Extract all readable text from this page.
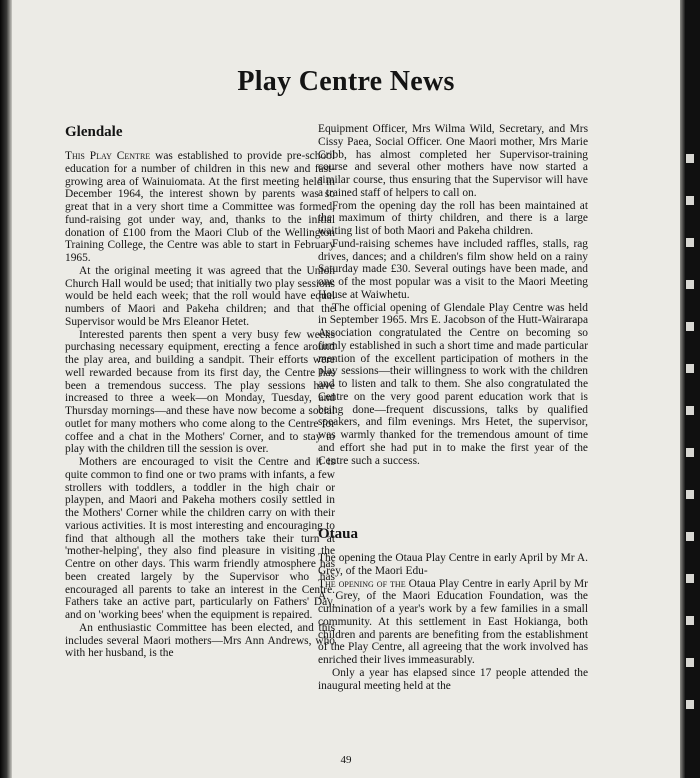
Play Centre News
Glendale

This Play Centre was established to provide pre-school education for a number of children in this new and fast-growing area of Wainuiomata. At the first meeting held in December 1964, the interest shown by parents was so great that in a very short time a Committee was formed, fund-raising got under way, and, thanks to the initial donation of £100 from the Maori Club of the Wellington Training College, the Centre was able to start in February 1965.

At the original meeting it was agreed that the Union Church Hall would be used; that initially two play sessions would be held each week; that the roll would have equal numbers of Maori and Pakeha children; and that the Supervisor would be Mrs Eleanor Hetet.

Interested parents then spent a very busy few weeks purchasing necessary equipment, erecting a fence around the play area, and building a sandpit. Their efforts were well rewarded because from its first day, the Centre has been a tremendous success. The play sessions have increased to three a week—on Monday, Tuesday, and Thursday mornings—and these have now become a social outlet for many mothers who come along to the Centre for coffee and a chat in the Mothers' Corner, and to stay to play with the children till the session is over.

Mothers are encouraged to visit the Centre and it is quite common to find one or two prams with infants, a few strollers with toddlers, a toddler in the high chair or playpen, and Maori and Pakeha mothers cosily settled in the Mothers' Corner while the children carry on with their various activities. It is most interesting and encouraging to find that although all the mothers take their turn at 'mother-helping', they also find pleasure in visiting the Centre on other days. This warm friendly atmosphere has been created largely by the Supervisor who has encouraged all parents to take an interest in the Centre. Fathers take an active part, particularly on Fathers' Day, and on 'working bees' when the equipment is repaired.

An enthusiastic Committee has been elected, and this includes several Maori mothers—Mrs Ann Andrews, who with her husband, is the

Equipment Officer, Mrs Wilma Wild, Secretary, and Mrs Cissy Paea, Social Officer. One Maori mother, Mrs Marie Cribb, has almost completed her Supervisor-training course and several other mothers have now started a similar course, thus ensuring that the Supervisor will have a trained staff of helpers to call on.

From the opening day the roll has been maintained at the maximum of thirty children, and there is a large waiting list of both Maori and Pakeha children.

Fund-raising schemes have included raffles, stalls, rag drives, dances; and a children's film show held on a rainy Saturday made £30. Several outings have been made, and one of the most popular was a visit to the Maori Meeting House at Waiwhetu.

The official opening of Glendale Play Centre was held in September 1965. Mrs E. Jacobson of the Hutt-Wairarapa Association congratulated the Centre on becoming so firmly established in such a short time and made particular mention of the excellent participation of mothers in the play sessions—their willingness to work with the children and to listen and talk to them. She also congratulated the Centre on the very good parent education work that is being done—frequent discussions, talks by qualified speakers, and film evenings. Mrs Hetet, the supervisor, was warmly thanked for the tremendous amount of time and effort she had put in to make the first year of the Centre such a success.

Otaua

The opening the Otaua Play Centre in early April by Mr A. Grey, of the Maori Edu-

The opening of the Otaua Play Centre in early April by Mr A. Grey, of the Maori Education Foundation, was the culmination of a year's work by a few families in a small community. At this settlement in East Hokianga, both children and parents are benefiting from the establishment of the Play Centre, all agreeing that the work involved has enriched their lives immeasurably.

Only a year has elapsed since 17 people attended the inaugural meeting held at the

49
